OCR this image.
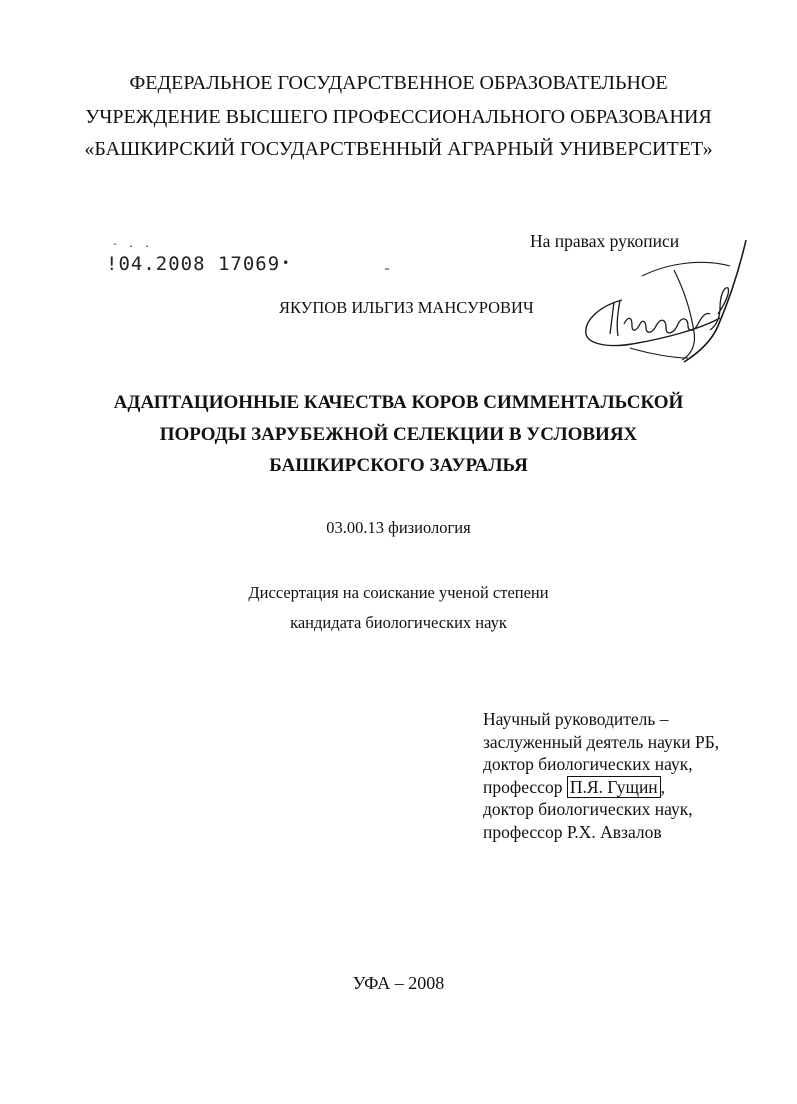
ФЕДЕРАЛЬНОЕ ГОСУДАРСТВЕННОЕ ОБРАЗОВАТЕЛЬНОЕ
УЧРЕЖДЕНИЕ ВЫСШЕГО ПРОФЕССИОНАЛЬНОГО ОБРАЗОВАНИЯ
«БАШКИРСКИЙ ГОСУДАРСТВЕННЫЙ АГРАРНЫЙ УНИВЕРСИТЕТ»
- . .
!04.2008 17069 •
На правах рукописи
ЯКУПОВ ИЛЬГИЗ МАНСУРОВИЧ
АДАПТАЦИОННЫЕ КАЧЕСТВА КОРОВ СИММЕНТАЛЬСКОЙ
ПОРОДЫ ЗАРУБЕЖНОЙ СЕЛЕКЦИИ В УСЛОВИЯХ
БАШКИРСКОГО ЗАУРАЛЬЯ
03.00.13 физиология
Диссертация на соискание ученой степени
кандидата биологических наук
Научный руководитель –
заслуженный деятель науки РБ,
доктор биологических наук,
профессор П.Я. Гущин ,
доктор биологических наук,
профессор Р.Х. Авзалов
УФА – 2008
